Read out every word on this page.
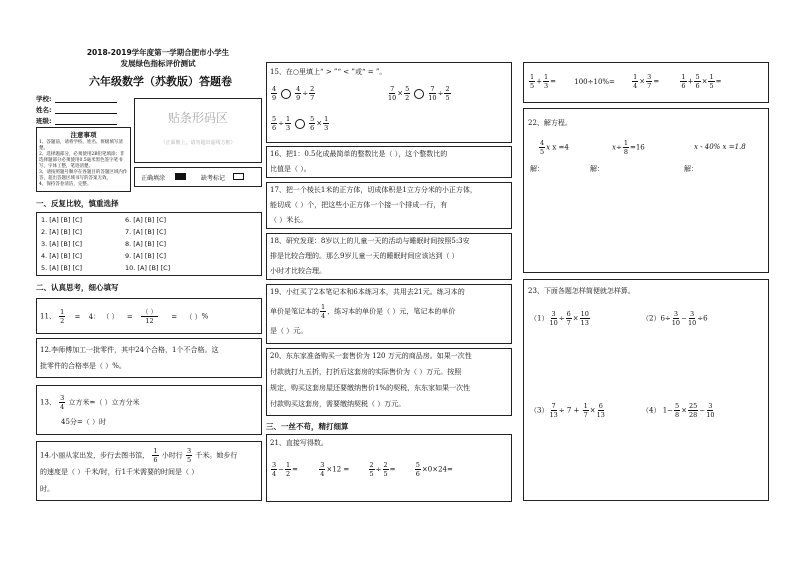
2018-2019学年度第一学期合肥市小学生
发展绿色指标评价测试
六年级数学（苏教版）答题卷
学校:
姓名:
班级:
注意事项
1、答题前，请将学校、姓名、班级填写清楚。
2、选择题部分，必须使用2B铅笔填涂；非选择题部分必须使用0.5毫米黑色签字笔书写，字体工整，笔迹清楚。
3、请按照题号顺序在各题目的答题区域内作答，超出答题区域书写的答案无效。
4、保持答卷清洁，完整。
贴条形码区
（正面朝上，请勿超出虚线方框）
正确填涂	缺考标记
一、反复比较，慎重选择
1. [A] [B] [C]
2. [A] [B] [C]
3. [A] [B] [C]
4. [A] [B] [C]
5. [A] [B] [C]
6. [A] [B] [C]
7. [A] [B] [C]
8. [A] [B] [C]
9. [A] [B] [C]
10. [A] [B] [C]
二、认真思考，细心填写
11、 $\frac{1}{2} = 4$： （ ） = $\frac{( )}{12}$ = （ ）%
12.李师傅加工一批零件，其中24个合格，1个不合格。这
批零件的合格率是（ ）%。
13、 $\frac{3}{4}$ 立方米=（ ）立方分米
45分=（ ）时
14.小丽从家出发，步行去图书馆， $\frac{1}{6}$ 小时行 $\frac{3}{5}$ 千米。她步行
的速度是（ ）千米/时，行1千米需要的时间是（ ）
时。
15、在○里填上“ > ”“ < ”或“ = ”。
$\frac{4}{9}$	$\frac{4}{9} \div \frac{2}{7}$	$\frac{7}{10} \times \frac{5}{2}$	$\frac{7}{10} \div \frac{2}{5}$
$\frac{5}{6} \div \frac{1}{3}$	$\frac{5}{6} \times \frac{1}{3}$
16、把1：0.5化成最简单的整数比是（ ），这个整数比的
比值是（ ）。
17、把一个棱长1米的正方体，切成体积是1立方分米的小正方体，
能切成（ ）个，把这些小正方体一个接一个排成一行，有
（ ）米长。
18、研究发现：8岁以上的儿童一天的活动与睡眠时间按照5:3安
排是比较合理的。那么9岁儿童一天的睡眠时间应该达到（ ）
小时才比较合理。
19、小红买了2本笔记本和6本练习本，共用去21元。练习本的
单价是笔记本的 $\frac{1}{4}$ ，练习本的单价是（ ）元，笔记本的单价
是（ ）元。
20、东东家准备购买一套售价为 120 万元的商品房。如果一次性
付款就打九五折，打折后这套房的实际售价为（ ）万元。按照
规定，购买这套房屋还要缴纳售价1%的契税，东东家如果一次性
付款购买这套房，需要缴纳契税（ ）万元。
三、一丝不苟，精打细算
21、直接写得数。
$\frac{3}{4} - \frac{1}{2}$ =	$\frac{3}{4} \times 12$ =	$\frac{2}{5} \div \frac{2}{5}$ =	$\frac{5}{6} \times 0\times 24=$
$\frac{1}{5} + \frac{1}{3}$ =	100÷10%=	$\frac{1}{4} \times \frac{3}{7}$ =	$\frac{1}{6} + \frac{5}{6} \times \frac{1}{5}$ =
22、解方程。
$\frac{4}{5}$ x x =4	$x\div \frac{1}{8} =16$	x - 40% x =1.8
解：	解：	解：
23、下面各题怎样简便就怎样算。
$(1) \frac{3}{10} \div \frac{6}{7} \times \frac{10}{13}$	$(2)6\div \frac{3}{10} - \frac{3}{10} \div 6$
$(3) \frac{7}{13} \div 7 + \frac{1}{7} \times \frac{6}{13}$	（4） $1- \frac{5}{8} \times \frac{25}{28} - \frac{3}{10}$
